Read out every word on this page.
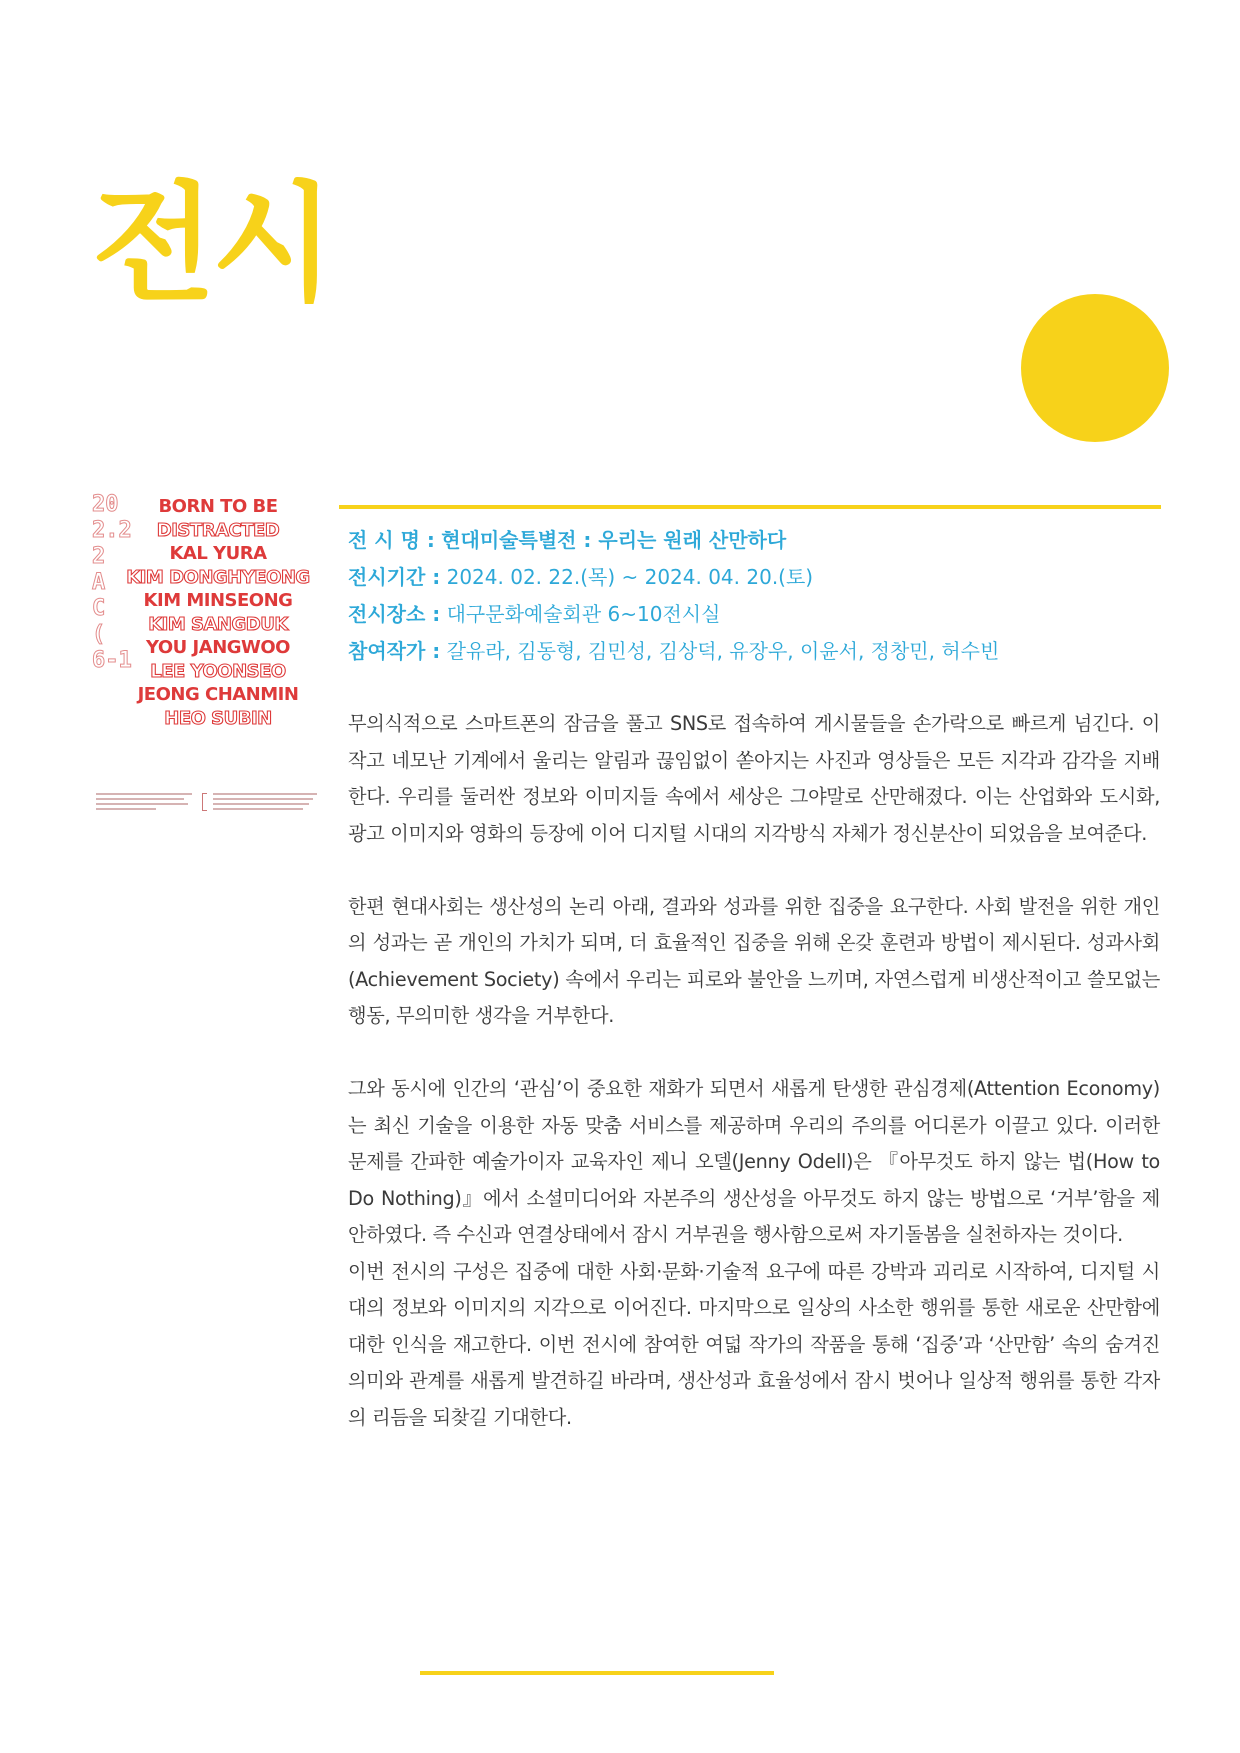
전시
20
2.2
2
A
C
(
6-1
BORN TO BE
DISTRACTED
KAL YURA
KIM DONGHYEONG
KIM MINSEONG
KIM SANGDUK
YOU JANGWOO
LEE YOONSEO
JEONG CHANMIN
HEO SUBIN
전 시 명 : 현대미술특별전 : 우리는 원래 산만하다
전시기간 : 2024. 02. 22.(목) ~ 2024. 04. 20.(토)
전시장소 : 대구문화예술회관 6~10전시실
참여작가 : 갈유라, 김동형, 김민성, 김상덕, 유장우, 이윤서, 정창민, 허수빈

무의식적으로 스마트폰의 잠금을 풀고 SNS로 접속하여 게시물들을 손가락으로 빠르게 넘긴다. 이 작고 네모난 기계에서 울리는 알림과 끊임없이 쏟아지는 사진과 영상들은 모든 지각과 감각을 지배한다. 우리를 둘러싼 정보와 이미지들 속에서 세상은 그야말로 산만해졌다. 이는 산업화와 도시화, 광고 이미지와 영화의 등장에 이어 디지털 시대의 지각방식 자체가 정신분산이 되었음을 보여준다.

한편 현대사회는 생산성의 논리 아래, 결과와 성과를 위한 집중을 요구한다. 사회 발전을 위한 개인의 성과는 곧 개인의 가치가 되며, 더 효율적인 집중을 위해 온갖 훈련과 방법이 제시된다. 성과사회(Achievement Society) 속에서 우리는 피로와 불안을 느끼며, 자연스럽게 비생산적이고 쓸모없는 행동, 무의미한 생각을 거부한다.

그와 동시에 인간의 ‘관심’이 중요한 재화가 되면서 새롭게 탄생한 관심경제(Attention Economy)는 최신 기술을 이용한 자동 맞춤 서비스를 제공하며 우리의 주의를 어디론가 이끌고 있다. 이러한 문제를 간파한 예술가이자 교육자인 제니 오델(Jenny Odell)은 『아무것도 하지 않는 법(How to Do Nothing)』에서 소셜미디어와 자본주의 생산성을 아무것도 하지 않는 방법으로 ‘거부’함을 제안하였다. 즉 수신과 연결상태에서 잠시 거부권을 행사함으로써 자기돌봄을 실천하자는 것이다.

이번 전시의 구성은 집중에 대한 사회·문화·기술적 요구에 따른 강박과 괴리로 시작하여, 디지털 시대의 정보와 이미지의 지각으로 이어진다. 마지막으로 일상의 사소한 행위를 통한 새로운 산만함에 대한 인식을 재고한다. 이번 전시에 참여한 여덟 작가의 작품을 통해 ‘집중’과 ‘산만함’ 속의 숨겨진 의미와 관계를 새롭게 발견하길 바라며, 생산성과 효율성에서 잠시 벗어나 일상적 행위를 통한 각자의 리듬을 되찾길 기대한다.
